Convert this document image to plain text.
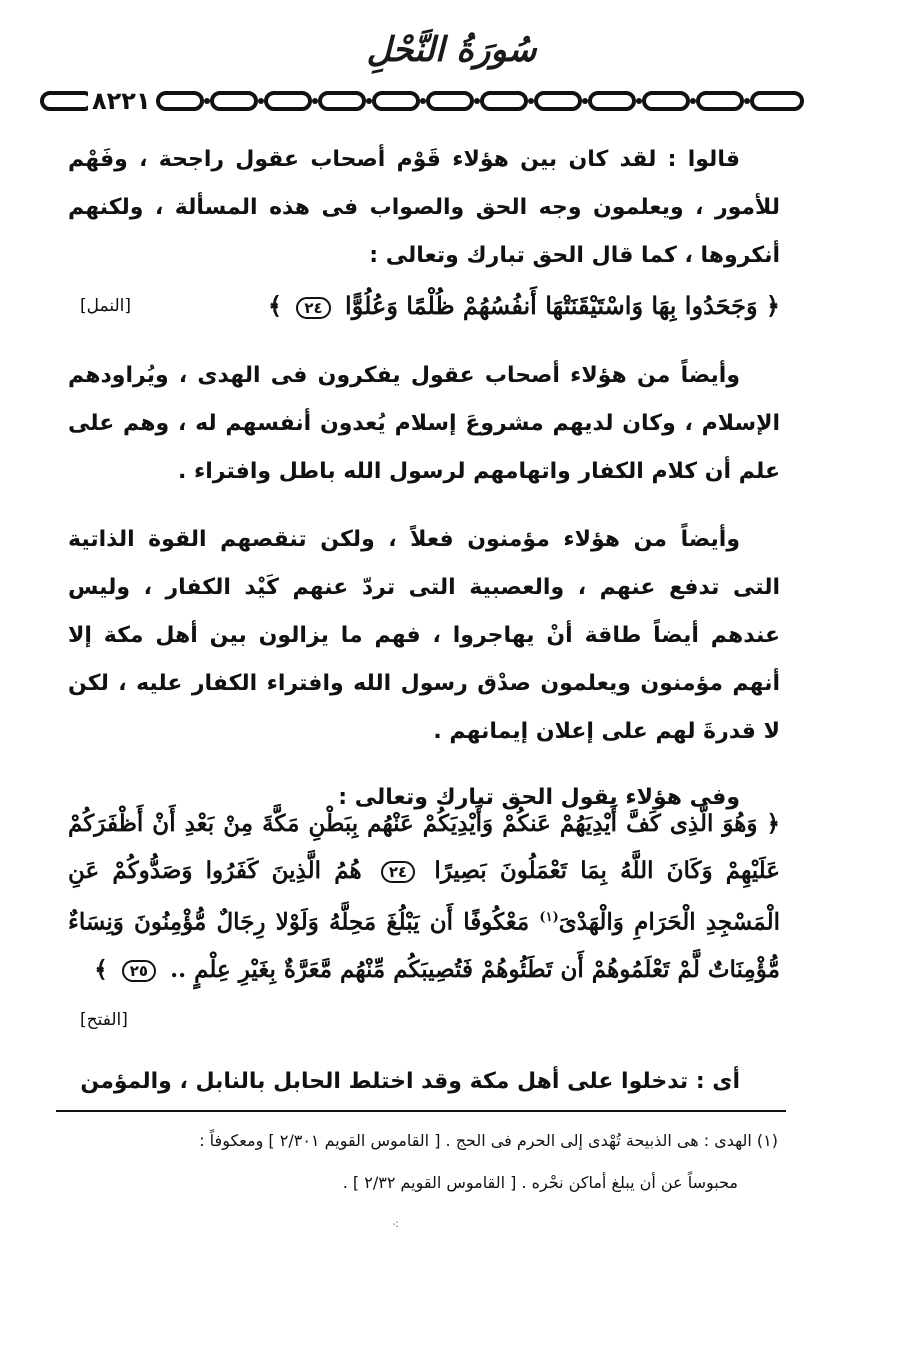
سُورَةُ النَّحْلِ
٨٢٢١

قالوا : لقد كان بين هؤلاء قَوْم أصحاب عقول راجحة ، وفَهْم للأمور ، ويعلمون وجه الحق والصواب فى هذه المسألة ، ولكنهم أنكروها ، كما قال الحق تبارك وتعالى :

﴿ وَجَحَدُوا بِهَا وَاسْتَيْقَنَتْهَا أَنفُسُهُمْ ظُلْمًا وَعُلُوًّا ٢٤ ﴾
[النمل]

وأيضاً من هؤلاء أصحاب عقول يفكرون فى الهدى ، ويُراودهم الإسلام ، وكان لديهم مشروعَ إسلام يُعدون أنفسهم له ، وهم على علم أن كلام الكفار واتهامهم لرسول الله باطل وافتراء .

وأيضاً من هؤلاء مؤمنون فعلاً ، ولكن تنقصهم القوة الذاتية التى تدفع عنهم ، والعصبية التى تردّ عنهم كَيْد الكفار ، وليس عندهم أيضاً طاقة أنْ يهاجروا ، فهم ما يزالون بين أهل مكة إلا أنهم مؤمنون ويعلمون صدْق رسول الله وافتراء الكفار عليه ، لكن لا قدرةَ لهم على إعلان إيمانهم .

وفى هؤلاء يقول الحق تبارك وتعالى :

﴿ وَهُوَ الَّذِى كَفَّ أَيْدِيَهُمْ عَنكُمْ وَأَيْدِيَكُمْ عَنْهُم بِبَطْنِ مَكَّةَ مِنْ بَعْدِ أَنْ أَظْفَرَكُمْ عَلَيْهِمْ وَكَانَ اللَّهُ بِمَا تَعْمَلُونَ بَصِيرًا ٢٤ هُمُ الَّذِينَ كَفَرُوا وَصَدُّوكُمْ عَنِ الْمَسْجِدِ الْحَرَامِ وَالْهَدْىَ$^{(١)}$ مَعْكُوفًا أَن يَبْلُغَ مَحِلَّهُ وَلَوْلا رِجَالٌ مُّؤْمِنُونَ وَنِسَاءٌ مُّؤْمِنَاتٌ لَّمْ تَعْلَمُوهُمْ أَن تَطَئُوهُمْ فَتُصِيبَكُم مِّنْهُم مَّعَرَّةٌ بِغَيْرِ عِلْمٍ .. ٢٥ ﴾
[الفتح]

أى : تدخلوا على أهل مكة وقد اختلط الحابل بالنابل ، والمؤمن

(١) الهدى : هى الذبيحة تُهْدى إلى الحرم فى الحج . [ القاموس القويم ٢/٣٠١ ] ومعكوفاً :
محبوساً عن أن يبلغ أماكن نحْره . [ القاموس القويم ٢/٣٢ ] .
⁖
